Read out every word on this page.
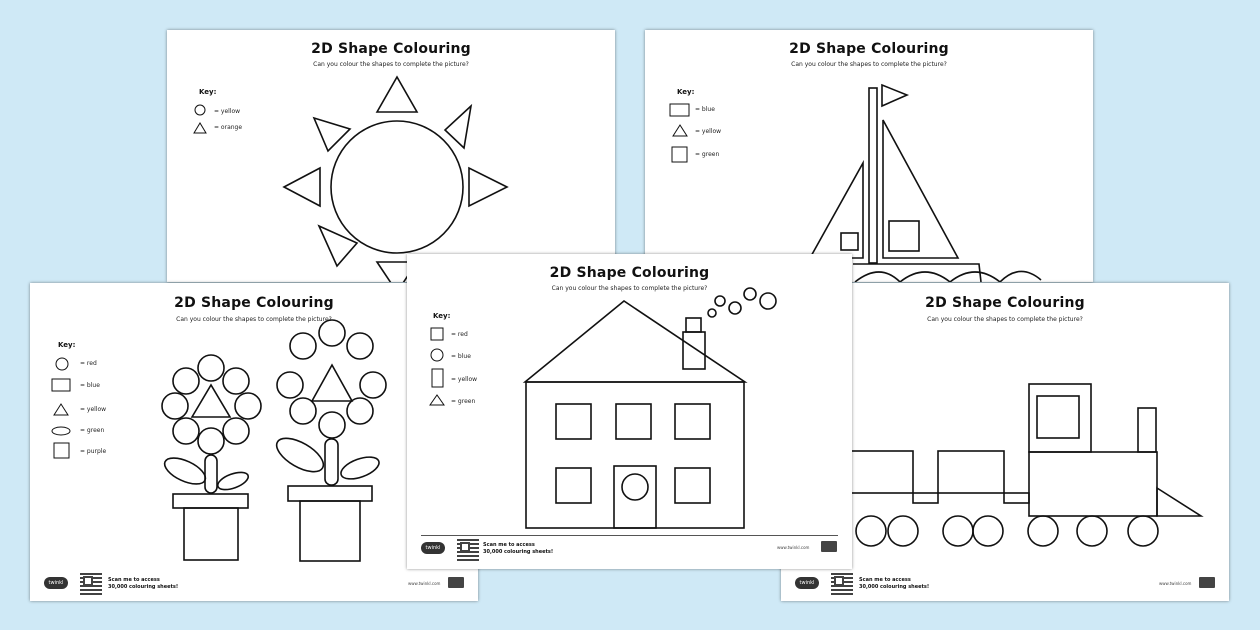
2D Shape Colouring
Can you colour the shapes to complete the picture?
Key:
= yellow
= orange
2D Shape Colouring
Can you colour the shapes to complete the picture?
Key:
= blue
= yellow
= green
2D Shape Colouring
Can you colour the shapes to complete the picture?
Key:
= red
= blue
= yellow
= green
= purple
twinkl	Scan me to access
30,000 colouring sheets!
www.twinkl.com
2D Shape Colouring
Can you colour the shapes to complete the picture?
twinkl	Scan me to access
30,000 colouring sheets!
www.twinkl.com
2D Shape Colouring
Can you colour the shapes to complete the picture?
Key:
= red
= blue
= yellow
= green
twinkl	Scan me to access
30,000 colouring sheets!
www.twinkl.com
